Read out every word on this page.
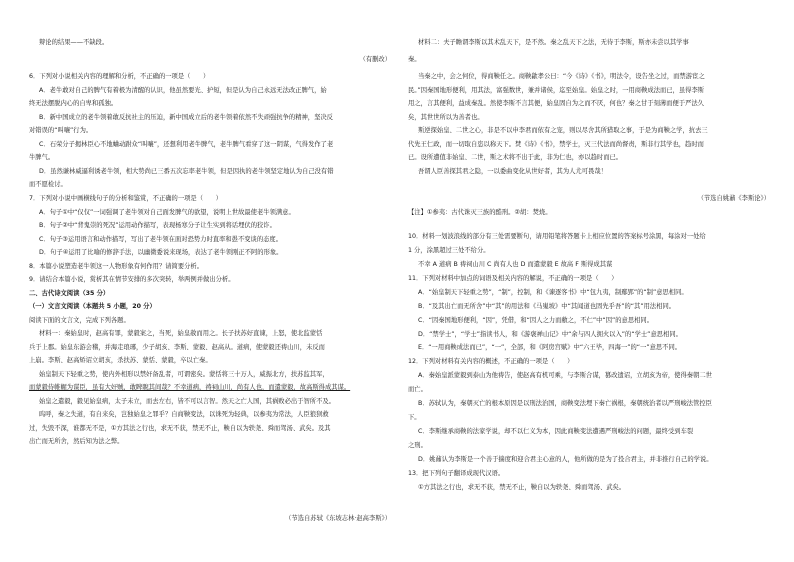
辩论的结果——不缺段。
（有删改）
6．下列对小说相关内容的理解和分析，不正确的一项是（　　）
A．老牛敢对自己的脾气有着极为清醒的认识，他虽然要光、护短，但是认为自己永远无法改正脾气，始
终无法摆脱内心的自卑和孤独。
B．新中国成立的老牛领着敢反抗社主的压迫，新中国成立后的老牛领着依然不失顽强抗争的精神，坚决反
对错误的“叫嚷”行为。
C．石荣分子揭林臣心不地蛐动跗众“叫嚷”，还想利用老牛脾气，老牛脾气看穿了这一阴谋，气得发作了老
牛脾气。
D．虽然谦林威逼利诱老牛领，相大势尚已三番五次忘率老牛领，但是因执的老牛领坚定地认为自己没有错
而不愿检讨。
7．下列对小说中画横线句子的分析和鉴赏，不正确的一项是（　　）
A．句子①中“仅仅”一词强调了老牛领对自己面发脾气的欲望，说明上世故最使老牛领满意。
B．句子②中“背鬼崇的死况”运用动作描写，表现杨寒分子让生实到将话埋伏的狡诈。
C．句子③运用语言和动作描写，写出了老牛领在面对恐势力时直率和愚不变谈的态度。
D．句子④运用了比喻的修辞手法，以幽微委说来现场，表达了老牛领刚正不阿的形象。
8．本篇小说塑造老牛领这一人物形象有何作用？请简要分析。
9．请结合本篇小说，赏析其在情节安排的多次突转，举两例并做出分析。
二、古代诗文阅读（35 分）
（一）文言文阅读（本题共 5 小题，20 分）
阅读下面的文言文，完成下列各题。
材料一：秦始皇时，赵高有罪，蒙毅案之，当死，始皇赦而用之。长子扶苏好直谏，上怒，使北监蒙恬
兵于上郡。始皇东游会稽，并海走琅琊，少子胡亥、李斯、蒙毅、赵高从。道病，使蒙毅还祷山川，未反而
上崩。李斯、赵高矫诏立胡亥，杀扶苏、蒙恬、蒙毅，卒以亡秦。
始皇制天下轻重之势，使内外相形以禁奸备乱者，可谓密矣。蒙恬将三十万人，威振北方，扶苏监其军，
而蒙毅侍帷幄为谋臣，虽有大奸贼，敢睥睨其间哉？不幸道病，祷祠山川，尚有人也，而遣蒙毅，故高斯得成其谋。
始皇之遣毅，毅见始皇病，太子未立，而去左右，皆不可以言智。然天之亡人国，其祸败必出于智所不及。
呜呼，秦之失道，有自来矣，岂独始皇之罪乎？自商鞅变法，以诛死为轻典，以参夷为常法，人臣狼狈救
过，失毁不深，谁都无不是，①方其法之行也，求无不获，禁无不止，鞅自以为轶尧、舜而驾汤、武矣。及其
出亡而无所舍，然后知为法之弊。
（节选自苏轼《东坡志林·赵高李斯》）
材料二：夫子瞻谓李斯以其术乱天下，是不然。秦之乱天下之法，无待于李斯，斯亦未尝以其学事
秦。
当秦之中，会之何位，得商鞅任之。商鞅歙孝公曰：“今《诗》《书》，明法令，设告坐之过，而禁游宦之
民。”因秦国地形便利，用其法，富强数世，兼并诸侯，迄至始皇。始皇之时，一用商鞅成法而已，虽得李斯
用之，言其便利，益成秦乱。然使李斯不言其便，始皇固自为之而不厌，何也？秦之甘于刻薄而便于严法久
矣，其世世所以为善者也。
斯逆探始皇、二世之心，非是不以申李君而依有之宠，则以尽舍其所猎取之事，于是为商鞅之学，抗去三
代先王仁政，而一切取自恣以称天下。焚《诗》《书》，禁学士，灭三代法而尚督责，斯非行其学也，趋时而
已。设所遭值非始皇、二世，斯之术将不出于此，非为仁也，亦以趋时而已。
吾谓人臣善探其君之隐，一以委曲变化从世好者，其为人尤可畏哉！
（节选自姚鼐《李斯论》）
【注】①参夷：古代诛灭三族的酷刑。②胡：焚烧。
10．材料一划波浪线的部分有三处需要断句，请用铅笔将答题卡上相应位置的答案标号涂黑，每涂对一处给
1 分，涂黑超过三处不给分。
不幸 A 道病 B 祷祠山川 C 尚有人也 D 而遣蒙毅 E 故高 F 斯得成其谋
11．下列对材料中加点的词语及相关内容的解说，不正确的一项是（　　）
A．“始皇制天下轻重之势”，“制”，控制，和《谏逐客书》中“包九夷，制鄢郢”的“制”意思相同。
B．“及其出亡而无所舍”中“其”的用法和《马嵬坡》中“其闻道也固先乎吾”的“其”用法相同。
C．“因秦国地形便利，“因”，凭借，和“因人之力而敝之，不仁”中“因”的意思相同。
D．“禁学士”，“学士”指读书人，和《游褒禅山记》中“余与四人拥火以入”的“学士”意思相同。
E．“一用商鞅成法而已”，“一”，全部，和《阿房宫赋》中“六王毕，四海一”的“一”意思不同。
12．下列对材料有关内容的概述，不正确的一项是（　　）
A．秦始皇派蒙毅到泰山为他祷告，使赵高有机可乘，与李斯合谋，篡改遗诏，立胡亥为帝，使得秦朝二世
而亡。
B．苏轼认为，秦朝灭亡的根本原因是以刑法治国，商鞅变法埋下秦亡祸根，秦朝统治者以严刑峻法管控臣
下。
C．李斯继承商鞅的法家学说，却不以仁义为本，因此商鞅变法遭遇严刑峻法的问题，最终受到车裂
之刑。
D．姚鼐认为李斯是一个善于揣度和迎合君主心意的人，他所做的是为了投合君主，并非推行自己的学说。
13．把下列句子翻译成现代汉语。
①方其法之行也，求无不获，禁无不止，鞅自以为轶尧、舜而驾汤、武矣。
